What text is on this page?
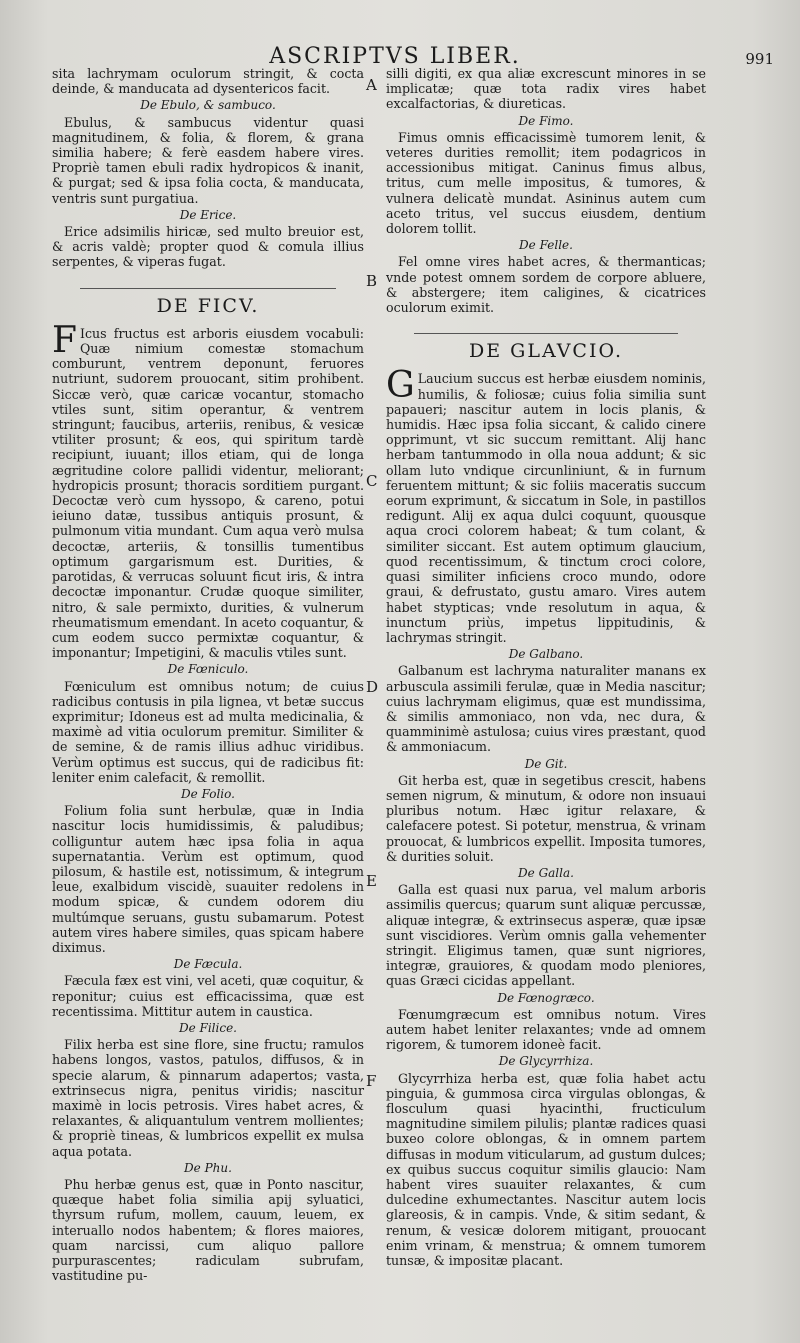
ASCRIPTVS LIBER.	991
A
B
C
D
E
F

sita lachrymam oculorum stringit, & cocta deinde, & manducata ad dysentericos facit.

De Ebulo, & sambuco.

Ebulus, & sambucus videntur quasi magnitudinem, & folia, & florem, & grana similia habere; & ferè easdem habere vires. Propriè tamen ebuli radix hydropicos & inanit, & purgat; sed & ipsa folia cocta, & manducata, ventris sunt purgatiua.

De Erice.

Erice adsimilis hiricæ, sed multo breuior est, & acris valdè; propter quod & comula illius serpentes, & viperas fugat.

DE FICV.

F Icus fructus est arboris eiusdem vocabuli: Quæ nimium comestæ stomachum comburunt, ventrem deponunt, feruores nutriunt, sudorem prouocant, sitim prohibent. Siccæ verò, quæ caricæ vocantur, stomacho vtiles sunt, sitim operantur, & ventrem stringunt; faucibus, arteriis, renibus, & vesicæ vtiliter prosunt; & eos, qui spiritum tardè recipiunt, iuuant; illos etiam, qui de longa ægritudine colore pallidi videntur, meliorant; hydropicis prosunt; thoracis sorditiem purgant. Decoctæ verò cum hyssopo, & careno, potui ieiuno datæ, tussibus antiquis prosunt, & pulmonum vitia mundant. Cum aqua verò mulsa decoctæ, arteriis, & tonsillis tumentibus optimum gargarismum est. Durities, & parotidas, & verrucas soluunt ficut iris, & intra decoctæ imponantur. Crudæ quoque similiter, nitro, & sale permixto, durities, & vulnerum rheumatismum emendant. In aceto coquantur, & cum eodem succo permixtæ coquantur, & imponantur; Impetigini, & maculis vtiles sunt.

De Fœniculo.

Fœniculum est omnibus notum; de cuius radicibus contusis in pila lignea, vt betæ succus exprimitur; Idoneus est ad multa medicinalia, & maximè ad vitia oculorum premitur. Similiter & de semine, & de ramis illius adhuc viridibus. Verùm optimus est succus, qui de radicibus fit: leniter enim calefacit, & remollit.

De Folio.

Folium folia sunt herbulæ, quæ in India nascitur locis humidissimis, & paludibus; colliguntur autem hæc ipsa folia in aqua supernatantia. Verùm est optimum, quod pilosum, & hastile est, notissimum, & integrum leue, exalbidum viscidè, suauiter redolens in modum spicæ, & cundem odorem diu multúmque seruans, gustu subamarum. Potest autem vires habere similes, quas spicam habere diximus.

De Fæcula.

Fæcula fæx est vini, vel aceti, quæ coquitur, & reponitur; cuius est efficacissima, quæ est recentissima. Mittitur autem in caustica.

De Filice.

Filix herba est sine flore, sine fructu; ramulos habens longos, vastos, patulos, diffusos, & in specie alarum, & pinnarum adapertos; vasta, extrinsecus nigra, penitus viridis; nascitur maximè in locis petrosis. Vires habet acres, & relaxantes, & aliquantulum ventrem mollientes; & propriè tineas, & lumbricos expellit ex mulsa aqua potata.

De Phu.

Phu herbæ genus est, quæ in Ponto nascitur, quæque habet folia similia apij syluatici, thyrsum rufum, mollem, cauum, leuem, ex interuallo nodos habentem; & flores maiores, quam narcissi, cum aliquo pallore purpurascentes; radiculam subrufam, vastitudine pu-

silli digiti, ex qua aliæ excrescunt minores in se implicatæ; quæ tota radix vires habet excalfactorias, & diureticas.

De Fimo.

Fimus omnis efficacissimè tumorem lenit, & veteres durities remollit; item podagricos in accessionibus mitigat. Caninus fimus albus, tritus, cum melle impositus, & tumores, & vulnera delicatè mundat. Asininus autem cum aceto tritus, vel succus eiusdem, dentium dolorem tollit.

De Felle.

Fel omne vires habet acres, & thermanticas; vnde potest omnem sordem de corpore abluere, & abstergere; item caligines, & cicatrices oculorum eximit.

DE GLAVCIO.

G Laucium succus est herbæ eiusdem nominis, humilis, & foliosæ; cuius folia similia sunt papaueri; nascitur autem in locis planis, & humidis. Hæc ipsa folia siccant, & calido cinere opprimunt, vt sic succum remittant. Alij hanc herbam tantummodo in olla noua addunt; & sic ollam luto vndique circunliniunt, & in furnum feruentem mittunt; & sic foliis maceratis succum eorum exprimunt, & siccatum in Sole, in pastillos redigunt. Alij ex aqua dulci coquunt, quousque aqua croci colorem habeat; & tum colant, & similiter siccant. Est autem optimum glaucium, quod recentissimum, & tinctum croci colore, quasi similiter inficiens croco mundo, odore graui, & defrustato, gustu amaro. Vires autem habet stypticas; vnde resolutum in aqua, & inunctum priùs, impetus lippitudinis, & lachrymas stringit.

De Galbano.

Galbanum est lachryma naturaliter manans ex arbuscula assimili ferulæ, quæ in Media nascitur; cuius lachrymam eligimus, quæ est mundissima, & similis ammoniaco, non vda, nec dura, & quamminimè astulosa; cuius vires præstant, quod & ammoniacum.

De Git.

Git herba est, quæ in segetibus crescit, habens semen nigrum, & minutum, & odore non insuaui pluribus notum. Hæc igitur relaxare, & calefacere potest. Si potetur, menstrua, & vrinam prouocat, & lumbricos expellit. Imposita tumores, & durities soluit.

De Galla.

Galla est quasi nux parua, vel malum arboris assimilis quercus; quarum sunt aliquæ percussæ, aliquæ integræ, & extrinsecus asperæ, quæ ipsæ sunt viscidiores. Verùm omnis galla vehementer stringit. Eligimus tamen, quæ sunt nigriores, integræ, grauiores, & quodam modo pleniores, quas Græci cicidas appellant.

De Fœnogræco.

Fœnumgræcum est omnibus notum. Vires autem habet leniter relaxantes; vnde ad omnem rigorem, & tumorem idoneè facit.

De Glycyrrhiza.

Glycyrrhiza herba est, quæ folia habet actu pinguia, & gummosa circa virgulas oblongas, & flosculum quasi hyacinthi, fructiculum magnitudine similem pilulis; plantæ radices quasi buxeo colore oblongas, & in omnem partem diffusas in modum viticularum, ad gustum dulces; ex quibus succus coquitur similis glaucio: Nam habent vires suauiter relaxantes, & cum dulcedine exhumectantes. Nascitur autem locis glareosis, & in campis. Vnde, & sitim sedant, & renum, & vesicæ dolorem mitigant, prouocant enim vrinam, & menstrua; & omnem tumorem tunsæ, & impositæ placant.
